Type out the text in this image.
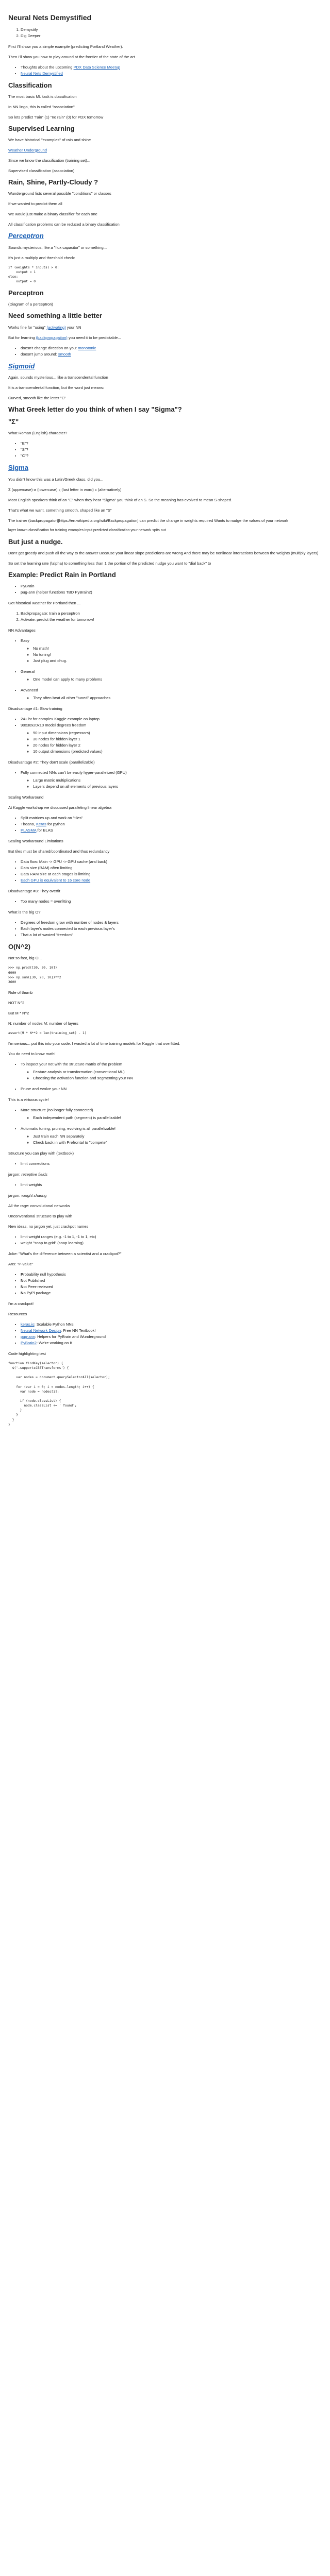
Neural Nets Demystified
1. Demystify
2. Dig Deeper

First I'll show you a simple example (predicting Portland Weather).

Then I'll show you how to play around at the frontier of the state of the art

• Thoughts about the upcoming PDX Data Science Meetup
• Neural Nets Demystified
Classification

The most basic ML task is classification

In NN lingo, this is called "association"

So lets predict "rain" (1) "no rain" (0) for PDX tomorrow

Supervised Learning

We have historical "examples" of rain and shine

Weather Underground

Since we know the classification (training set)...

Supervised classification (association)

Rain, Shine, Partly-Cloudy ?

Wunderground lists several possible "conditions" or classes

If we wanted to predict them all

We would just make a binary classifier for each one

All classification problems can be reduced a binary classification

Perceptron

Sounds mysterious, like a "flux capacitor" or something...

It's just a multiply and threshold check:

if (weights * inputs) > 0:
output = 1
else:
output = 0
Perceptron

(Diagram of a perceptron)

Need something a little better

Works fine for "using" (activating) your NN

But for learning (backpropagation) you need it to be predictable...

• doesn't change direction on you: monotonic
• doesn't jump around: smooth
Sigmoid

Again, sounds mysterious... like a transcendental function

It is a transcendental function, but the word just means:

Curved, smooth like the letter "C"

What Greek letter do you think of when I say "Sigma"?
"Σ"

What Roman (English) character?

• "E"?
• "S"?
• "C"?
Sigma

You didn't know this was a Latin/Greek class, did you...

Σ (uppercase) σ (lowercase) ς (last letter in word) c (alternatively)

Most English speakers think of an "E" when they hear "Sigma" you think of an S. So the meaning has evolved to mean S-shaped.

That's what we want, something smooth, shaped like an "S"

The trainer (backpropagator)[https://en.wikipedia.org/wiki/Backpropagation] can predict the change in weights required Wants to nudge the values of your network

layer known classification for training examples input predicted classification your network spits out

But just a nudge.

Don't get greedy and push all the way to the answer Because your linear slope predictions are wrong And there may be nonlinear interactions between the weights (multiply layers)

So set the learning rate (\alpha) to something less than 1 the portion of the predicted nudge you want to "dial back" to

Example: Predict Rain in Portland
• PyBrain
• pug-ann (helper functions TBD PyBrain2)

Get historical weather for Portland then ...

1. Backpropagate: train a perceptron
2. Activate: predict the weather for tomorrow!

NN Advantages

• Easy
◦ No math!
◦ No tuning!
◦ Just plug and chug.
• General
◦ One model can apply to many problems
• Advanced
◦ They often beat all other "tuned" approaches

Disadvantage #1: Slow training

• 24+ hr for complex Kaggle example on laptop
• 90x30x20x10 model degrees freedom
◦ 90 input dimensions (regressors)
◦ 30 nodes for hidden layer 1
◦ 20 nodes for hidden layer 2
◦ 10 output dimensions (predicted values)

Disadvantage #2: They don't scale (parallelizable)

• Fully connected NNs can't be easily hyper-parallelized (GPU)
◦ Large matrix multiplications
◦ Layers depend on all elements of previous layers

Scaling Workaround

At Kaggle workshop we discussed paralleling linear algebra

• Split matrices up and work on "tiles"
• Theano, Keras for python
• PLASMA for BLAS

Scaling Workaround Limitations

But tiles must be shared/coordinated and thus redundancy

• Data flow: Main -> GPU -> GPU cache (and back)
• Data size (RAM) often limiting
• Data RAM size at each stages is limiting
• Each GPU is equivalent to 16 core node

Disadvantage #3: They overfit

• Too many nodes = overfitting

What is the big O?

• Degrees of freedom grow with number of nodes & layers
• Each layer's nodes connected to each previous layer's
• That a lot of wasted "freedom"
O(N^2)

Not so fast, big O...

>>> np.prod([30, 20, 10])
6000
>>> np.sum([30, 20, 10])**2
3600

Rule of thumb

NOT N^2

But M * N^2

N: number of nodes M: number of layers

assert(M * N**2 < len(training_set) - 1)

I'm serious... put this into your code. I wasted a lot of time training models for Kaggle that overfitted.

You do need to know math!

• To inspect your net with the structure matrix of the problem
◦ Feature analysis or transformation (conventional ML)
◦ Choosing the activation function and segmenting your NN
• Prune and evolve your NN

This is a virtuous cycle!

• More structure (no longer fully connected)
◦ Each independent path (segment) is parallelizable!
• Automatic tuning, pruning, evolving is all parallelizable!
◦ Just train each NN separately
◦ Check back in with Prefrontal to "compete"

Structure you can play with (textbook)

• limit connections

jargon: receptive fields

• limit weights

jargon: weight sharing

All the rage: convolutional networks

Unconventional structure to play with

New ideas, no jargon yet, just crackpot names

• limit weight ranges (e.g. -1 to 1, -1 to 1, etc)
• weight "snap to grid" (snap learning)

Joke: "What's the difference between a scientist and a crackpot?"

Ans: "P-value"

• Probability null hypothesis
• Not Published
• Not Peer-reviewed
• No PyPi package

I'm a crackpot!

Resources

• keras.io: Scalable Python NNs
• Neural Network Design: Free NN Textbook!
• pug-ann: Helpers for PyBrain and Wunderground
• PyBrain2: We're working on it

Code highlighting test

function findKey(selector) {
$('.supportsCSSTransforms') {

var nodes = document.querySelectorAll(selector);

for (var i = 0; i < nodes.length; i++) {
var node = nodes[i];

if (node.classList) {
node.classList += ' found';
}
}
}
}
